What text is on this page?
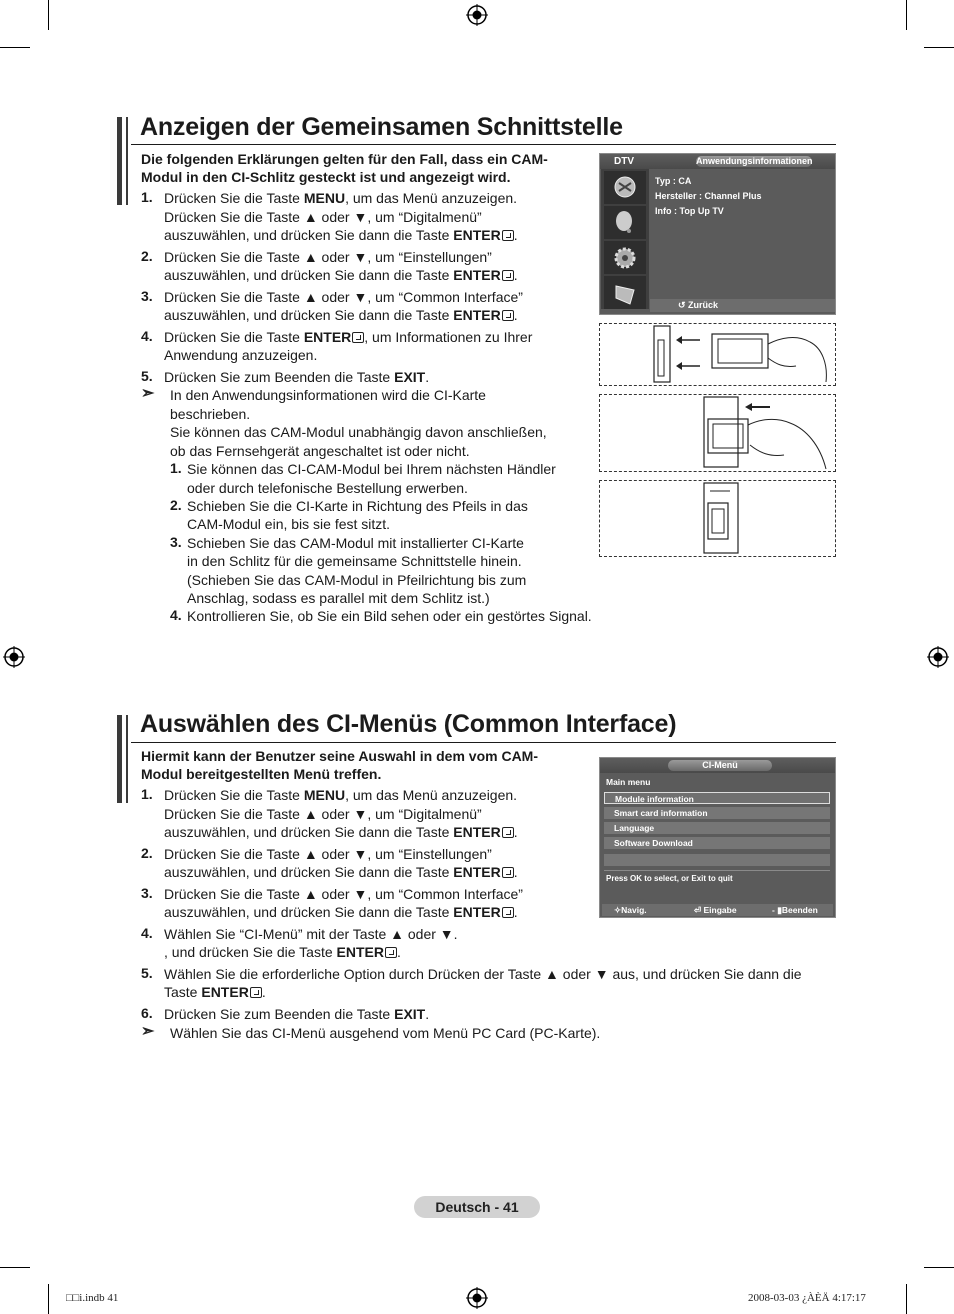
Anzeigen der Gemeinsamen Schnittstelle
Die folgenden Erklärungen gelten für den Fall, dass ein CAM-
Modul in den CI-Schlitz gesteckt ist und angezeigt wird.
1. Drücken Sie die Taste MENU, um das Menü anzuzeigen.
Drücken Sie die Taste ▲ oder ▼, um “Digitalmenü”
auszuwählen, und drücken Sie dann die Taste ENTER .
2. Drücken Sie die Taste ▲ oder ▼, um “Einstellungen”
auszuwählen, und drücken Sie dann die Taste ENTER .
3. Drücken Sie die Taste ▲ oder ▼, um “Common Interface”
auszuwählen, und drücken Sie dann die Taste ENTER .
4. Drücken Sie die Taste ENTER , um Informationen zu Ihrer
Anwendung anzuzeigen.
5. Drücken Sie zum Beenden die Taste EXIT.
➣ In den Anwendungsinformationen wird die CI-Karte
beschrieben.
Sie können das CAM-Modul unabhängig davon anschließen,
ob das Fernsehgerät angeschaltet ist oder nicht.
1. Sie können das CI-CAM-Modul bei Ihrem nächsten Händler
oder durch telefonische Bestellung erwerben.
2. Schieben Sie die CI-Karte in Richtung des Pfeils in das
CAM-Modul ein, bis sie fest sitzt.
3. Schieben Sie das CAM-Modul mit installierter CI-Karte
in den Schlitz für die gemeinsame Schnittstelle hinein.
(Schieben Sie das CAM-Modul in Pfeilrichtung bis zum
Anschlag, sodass es parallel mit dem Schlitz ist.)
4. Kontrollieren Sie, ob Sie ein Bild sehen oder ein gestörtes Signal.
DTV	Anwendungsinformationen
Typ : CA
Hersteller : Channel Plus
Info : Top Up TV
↺ Zurück
Auswählen des CI-Menüs (Common Interface)
Hiermit kann der Benutzer seine Auswahl in dem vom CAM-
Modul bereitgestellten Menü treffen.
1. Drücken Sie die Taste MENU, um das Menü anzuzeigen.
Drücken Sie die Taste ▲ oder ▼, um “Digitalmenü”
auszuwählen, und drücken Sie dann die Taste ENTER .
2. Drücken Sie die Taste ▲ oder ▼, um “Einstellungen”
auszuwählen, und drücken Sie dann die Taste ENTER .
3. Drücken Sie die Taste ▲ oder ▼, um “Common Interface”
auszuwählen, und drücken Sie dann die Taste ENTER .
4. Wählen Sie “CI-Menü” mit der Taste ▲ oder ▼.
, und drücken Sie die Taste ENTER .
5. Wählen Sie die erforderliche Option durch Drücken der Taste ▲ oder ▼ aus, und drücken Sie dann die
Taste ENTER .
6. Drücken Sie zum Beenden die Taste EXIT.
➣ Wählen Sie das CI-Menü ausgehend vom Menü PC Card (PC-Karte).
CI-Menü
Main menu
Module information
Smart card information
Language
Software Download
Press OK to select, or Exit to quit
✧Navig.	⏎ Eingabe	- ▮Beenden
Deutsch - 41
□□i.indb 41	2008-03-03 ¿ÀÈÄ 4:17:17
